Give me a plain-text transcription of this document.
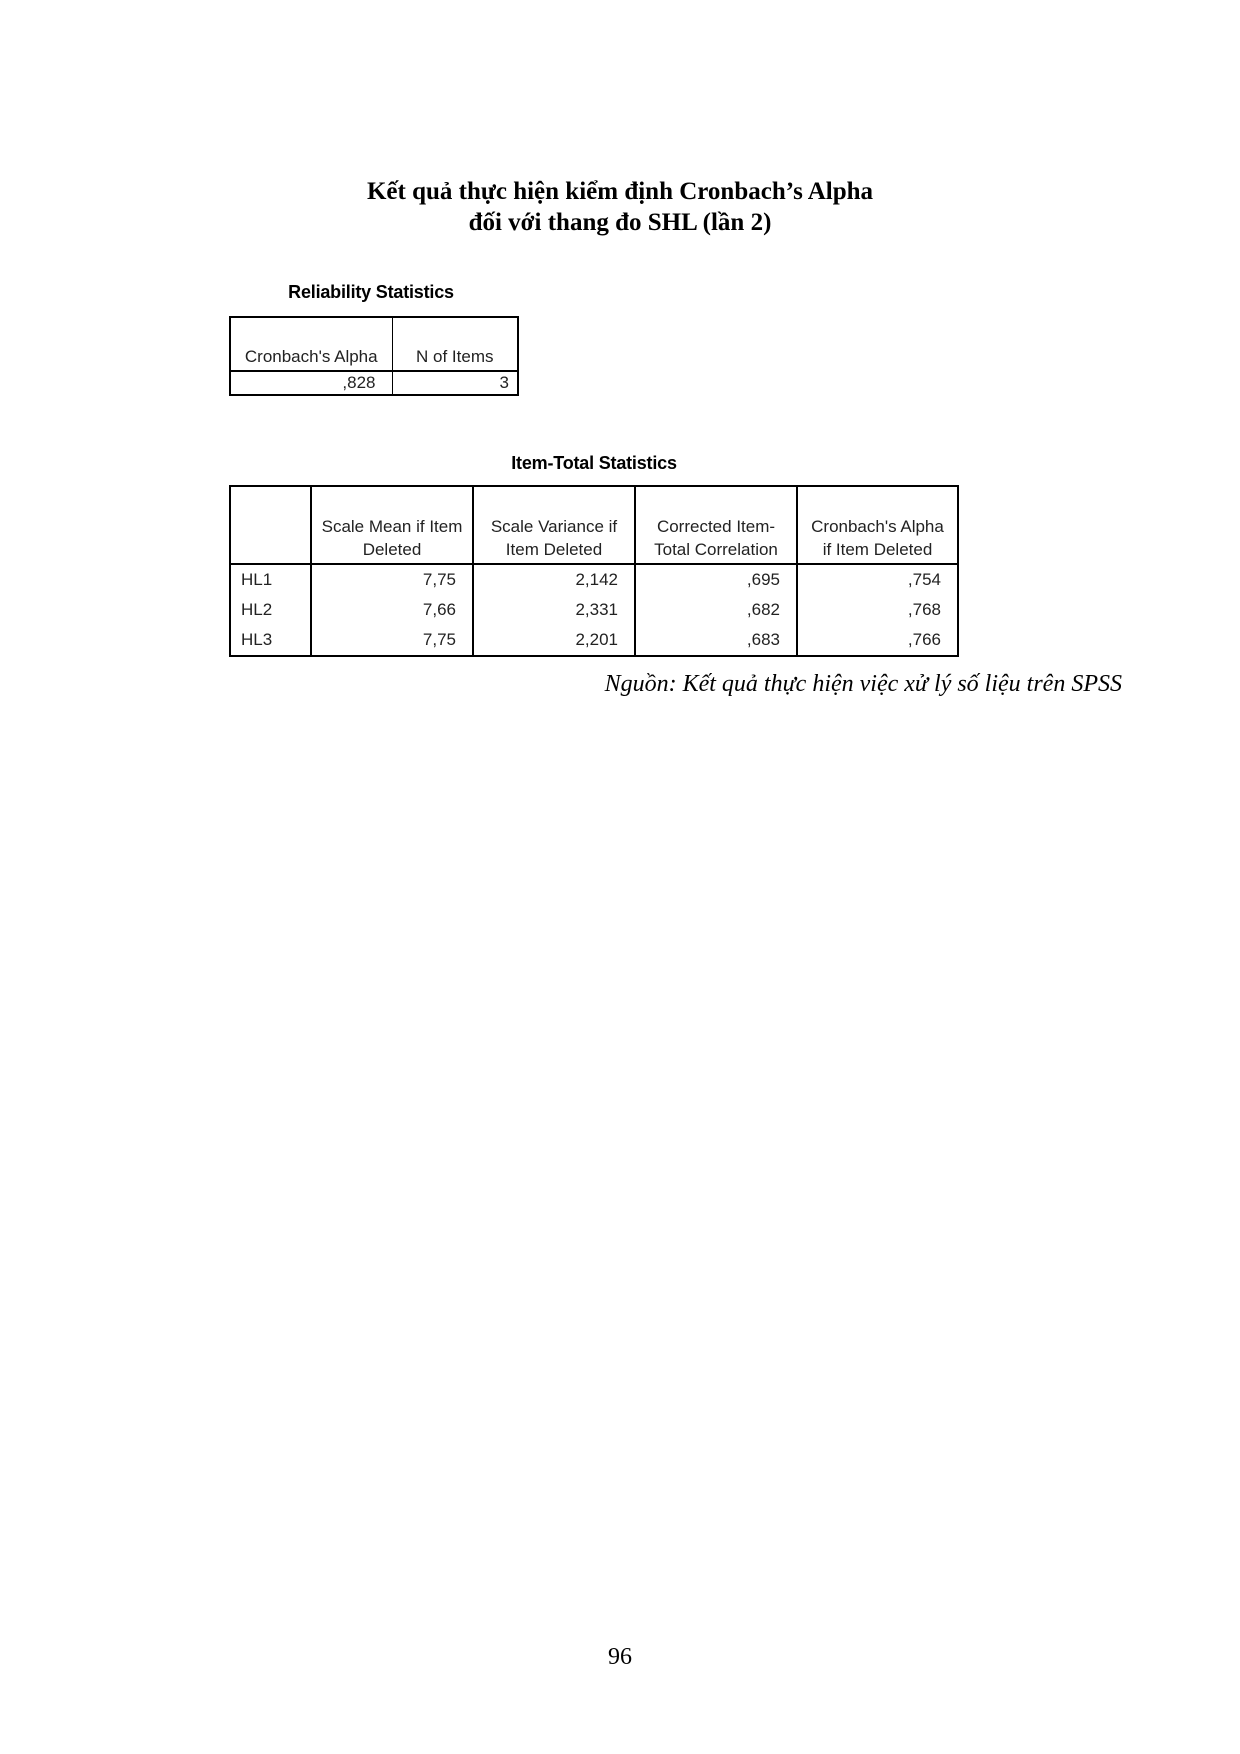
Kết quả thực hiện kiểm định Cronbach’s Alpha
đối với thang đo SHL (lần 2)
Reliability Statistics
Cronbach's Alpha	N of Items
,828	3
Item-Total Statistics
	Scale Mean if Item Deleted	Scale Variance if Item Deleted	Corrected Item-Total Correlation	Cronbach's Alpha if Item Deleted
HL1	7,75	2,142	,695	,754
HL2	7,66	2,331	,682	,768
HL3	7,75	2,201	,683	,766
Nguồn: Kết quả thực hiện việc xử lý số liệu trên SPSS
96
